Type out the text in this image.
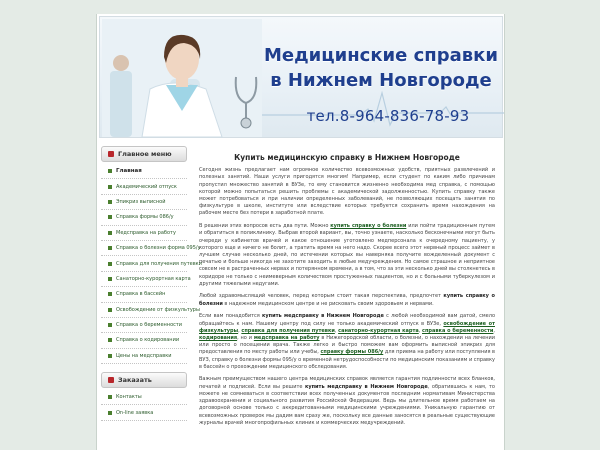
Медицинские справки
в Нижнем Новгороде
тел.8-964-836-78-93
Главное меню
Главная
Академический отпуск
Эпикриз выписной
Справка формы 086/у
Медсправка на работу
Справка о болезни форма 095/у
Справка для получения путевки
Санаторно-курортная карта
Справка в бассейн
Освобождение от физкультуры
Справка о беременности
Справка о кодировании
Цены на медсправки
Заказать
Контакты
On-line заявка
Купить медицинскую справку в Нижнем Новгороде

Сегодня жизнь предлагает нам огромное количество всевозможных удобств, приятных развлечений и полезных занятий. Наши услуги пригодятся многим! Например, если студент по каким либо причинам пропустил множество занятий в ВУЗе, то ему становится жизненно необходима мед справка, с помощью которой можно попытаться решить проблемы с академической задолженностью. Купить справку также может потребоваться и при наличии определенных заболеваний, не позволяющих посещать занятия по физкультуре в школе, институте или вследствие которых требуется сохранить время нахождения на рабочем месте без потери в заработной плате.

В решении этих вопросов есть два пути. Можно купить справку о болезни или пойти традиционным путем и обратиться в поликлинику. Выбрав второй вариант, вы, точно узнаете, насколько бесконечными могут быть очереди у кабинетов врачей и какое отношение уготовлено медперсонала к очередному пациенту, у которого еще и ничего не болит, а тратить время на него надо. Скорее всего этот нервный процесс займет в лучшем случае несколько дней, по истечении которых вы наверняка получите вожделенный документ с печатью и больше никогда не захотите заходить в любые медучреждения. Но самое страшное и неприятное совсем не в растраченных нервах и потерянном времени, а в том, что за эти несколько дней вы столкнетесь в коридоре не только с неимеверным количеством простуженных пациентов, но и с больными туберкулезом и другими тяжелыми недугами.

Любой здравомыслящий человек, перед которым стоит такая перспектива, предпочтет купить справку о болезни в надежном медицинском центре и не рисковать своим здоровьем и нервами.

Если вам понадобится купить медсправку в Нижнем Новгороде с любой необходимой вам датой, смело обращайтесь к нам. Нашему центру под силу не только академический отпуск в ВУЗе, освобождение от физкультуры, справка для получения путевки, санаторно-курортная карта, справка о беременности, кодирования, но и медсправка на работу в Нижегородской области, о болезни, о нахождении на лечении или просто о посещении врача. Также легко и быстро поможем вам оформить выписной эпикриз для предоставления по месту работы или учебы, справку формы 086/у для приема на работу или поступления в ВУЗ, справку о болезни формы 095/у о временной нетрудоспособности по медицинским показаниям и справку в бассейн о прохождении медицинского обследования.

Важным преимуществом нашего центра медицинских справок является гарантия подлинности всех бланков, печатей и подписей. Если вы решите купить медсправку в Нижнем Новгороде, обратившись к нам, то можете не сомневаться в соответствии всех полученных документов последним нормативам Министерства здравоохранения и социального развития Российской Федерации. Ведь мы длительное время работаем на договорной основе только с аккредитованными медицинскими учреждениями. Уникальную гарантию от всевозможных проверок мы дадим вам сразу же, поскольку все данные заносятся в реальные существующие журналы врачей многопрофильных клиник и коммерческих медучреждений.
